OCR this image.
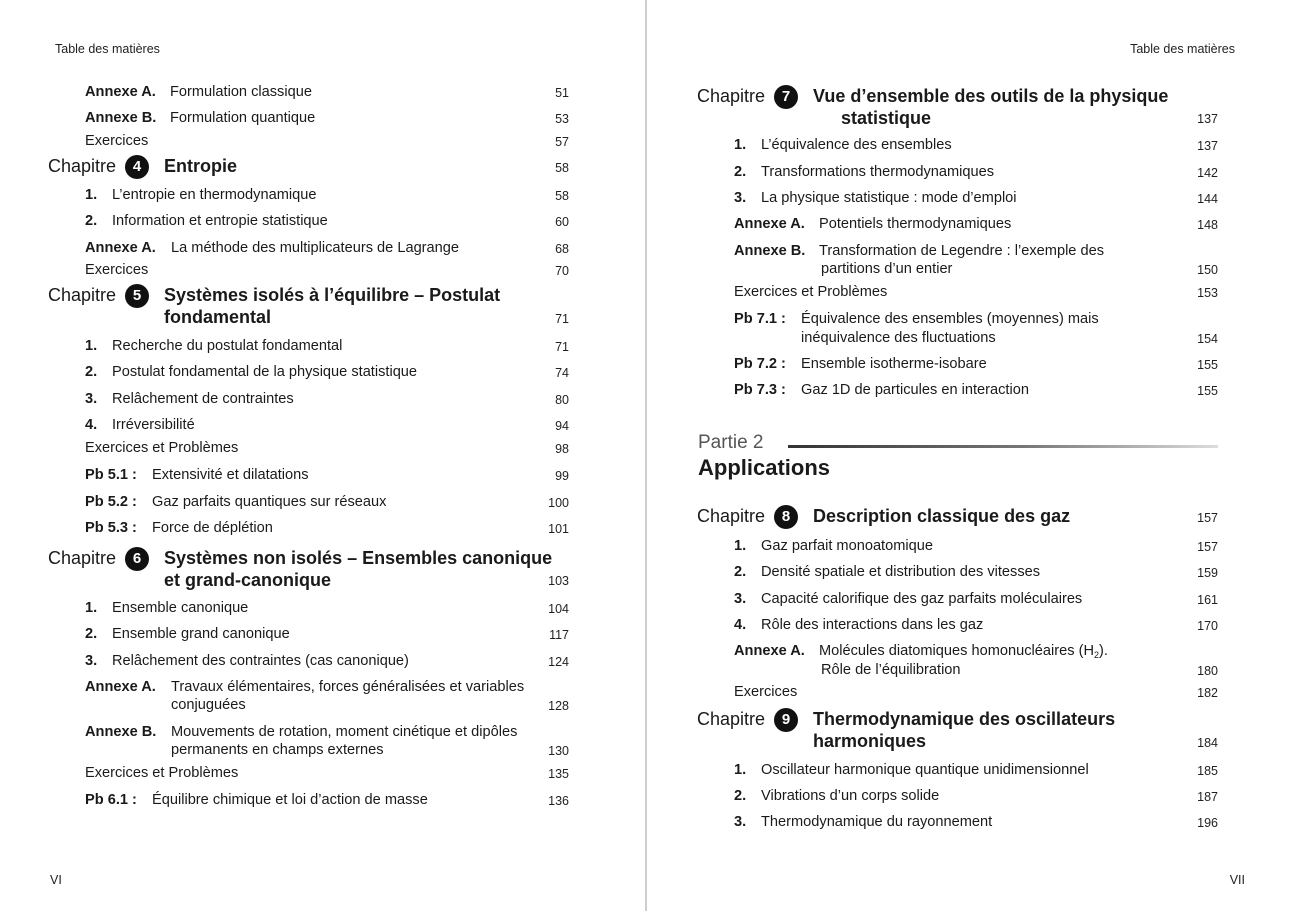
Table des matières
Annexe A. Formulation classique	51
Annexe B. Formulation quantique	53
Exercices	57
Chapitre	4	Entropie	58
1.	L’entropie en thermodynamique	58
2.	Information et entropie statistique	60
Annexe A.	La méthode des multiplicateurs de Lagrange	68
Exercices	70
Chapitre	5	Systèmes isolés à l’équilibre – Postulat
fondamental	71
1.	Recherche du postulat fondamental	71
2.	Postulat fondamental de la physique statistique	74
3.	Relâchement de contraintes	80
4.	Irréversibilité	94
Exercices et Problèmes	98
Pb 5.1 :	Extensivité et dilatations	99
Pb 5.2 :	Gaz parfaits quantiques sur réseaux	100
Pb 5.3 :	Force de déplétion	101
Chapitre	6	Systèmes non isolés – Ensembles canonique
et grand-canonique	103
1.	Ensemble canonique	104
2.	Ensemble grand canonique	117
3.	Relâchement des contraintes (cas canonique)	124
Annexe A.	Travaux élémentaires, forces généralisées et variables
conjuguées	128
Annexe B.	Mouvements de rotation, moment cinétique et dipôles
permanents en champs externes	130
Exercices et Problèmes	135
Pb 6.1 :	Équilibre chimique et loi d’action de masse	136
VI
Table des matières
Chapitre	7	Vue d’ensemble des outils de la physique
statistique	137
1.	L’équivalence des ensembles	137
2.	Transformations thermodynamiques	142
3.	La physique statistique : mode d’emploi	144
Annexe A. Potentiels thermodynamiques	148
Annexe B. Transformation de Legendre : l’exemple des
partitions d’un entier	150
Exercices et Problèmes	153
Pb 7.1 :	Équivalence des ensembles (moyennes) mais
inéquivalence des fluctuations	154
Pb 7.2 :	Ensemble isotherme-isobare	155
Pb 7.3 :	Gaz 1D de particules en interaction	155
Partie 2
Applications
Chapitre	8	Description classique des gaz	157
1.	Gaz parfait monoatomique	157
2.	Densité spatiale et distribution des vitesses	159
3.	Capacité calorifique des gaz parfaits moléculaires	161
4.	Rôle des interactions dans les gaz	170
Annexe A. Molécules diatomiques homonucléaires $(H_2)$.
Rôle de l’équilibration	180
Exercices	182
Chapitre	9	Thermodynamique des oscillateurs
harmoniques	184
1.	Oscillateur harmonique quantique unidimensionnel	185
2.	Vibrations d’un corps solide	187
3.	Thermodynamique du rayonnement	196
VII
